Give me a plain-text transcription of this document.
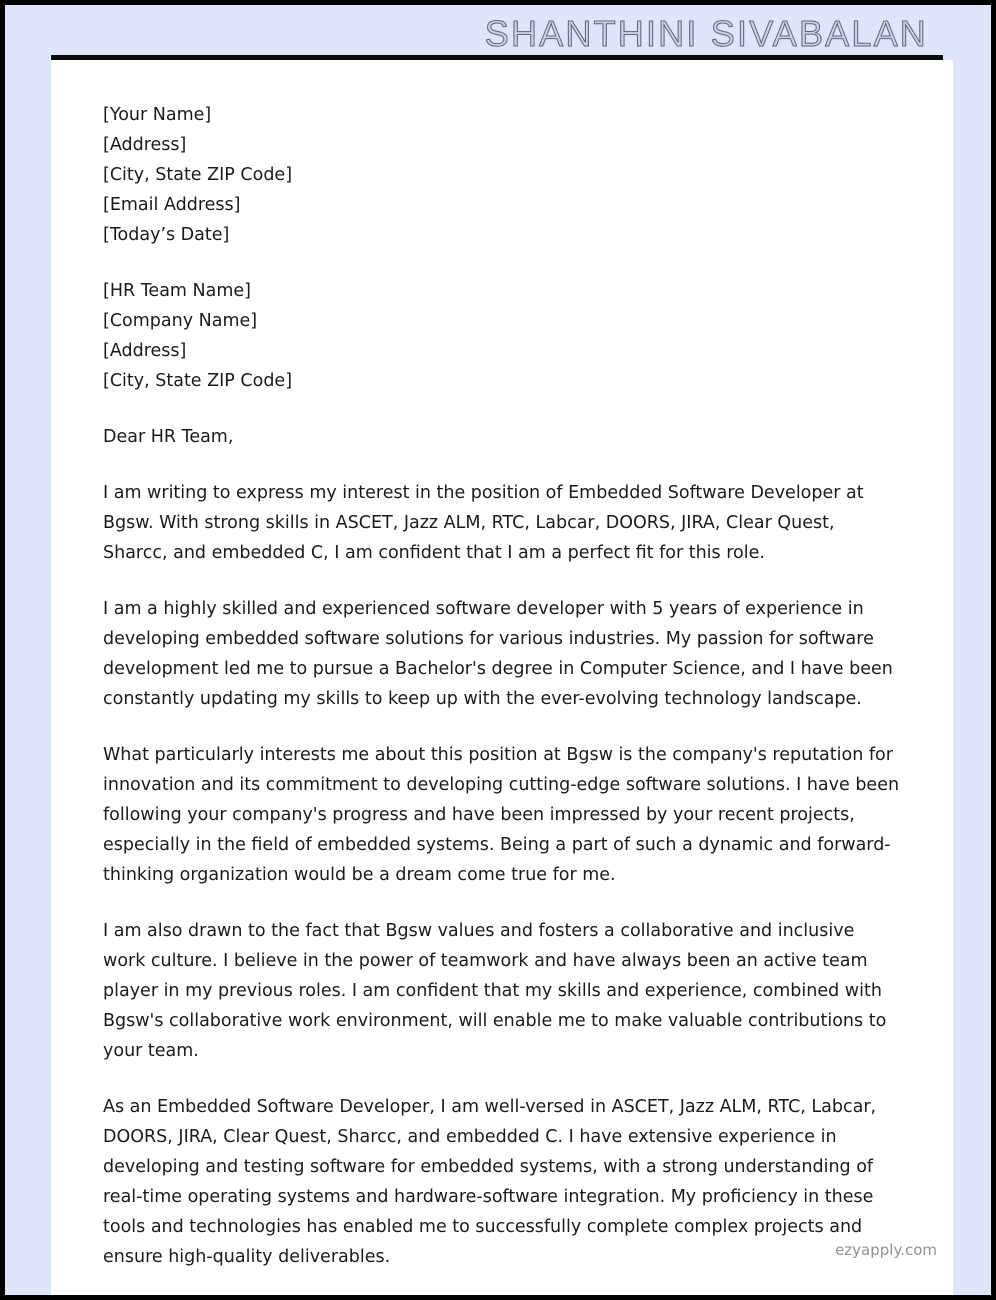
SHANTHINI SIVABALAN
[Your Name]
[Address]
[City, State ZIP Code]
[Email Address]
[Today’s Date]
[HR Team Name]
[Company Name]
[Address]
[City, State ZIP Code]
Dear HR Team,

I am writing to express my interest in the position of Embedded Software Developer at Bgsw. With strong skills in ASCET, Jazz ALM, RTC, Labcar, DOORS, JIRA, Clear Quest, Sharcc, and embedded C, I am confident that I am a perfect fit for this role.

I am a highly skilled and experienced software developer with 5 years of experience in developing embedded software solutions for various industries. My passion for software development led me to pursue a Bachelor's degree in Computer Science, and I have been constantly updating my skills to keep up with the ever-evolving technology landscape.

What particularly interests me about this position at Bgsw is the company's reputation for innovation and its commitment to developing cutting-edge software solutions. I have been following your company's progress and have been impressed by your recent projects, especially in the field of embedded systems. Being a part of such a dynamic and forward-thinking organization would be a dream come true for me.

I am also drawn to the fact that Bgsw values and fosters a collaborative and inclusive work culture. I believe in the power of teamwork and have always been an active team player in my previous roles. I am confident that my skills and experience, combined with Bgsw's collaborative work environment, will enable me to make valuable contributions to your team.

As an Embedded Software Developer, I am well-versed in ASCET, Jazz ALM, RTC, Labcar, DOORS, JIRA, Clear Quest, Sharcc, and embedded C. I have extensive experience in developing and testing software for embedded systems, with a strong understanding of real-time operating systems and hardware-software integration. My proficiency in these tools and technologies has enabled me to successfully complete complex projects and ensure high-quality deliverables.	ezyapply.com
